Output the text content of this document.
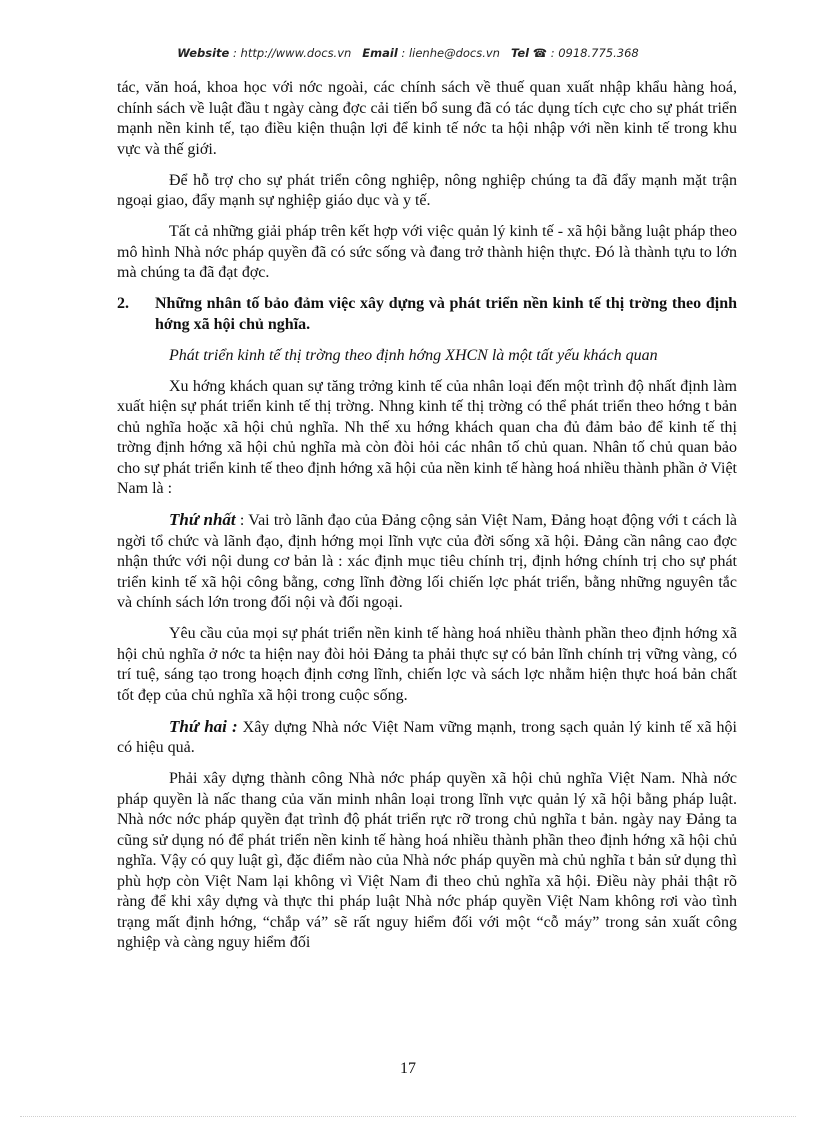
Website : http://www.docs.vn Email : lienhe@docs.vn Tel ☎ : 0918.775.368

tác, văn hoá, khoa học với nớc ngoài, các chính sách về thuế quan xuất nhập khẩu hàng hoá, chính sách về luật đầu t ngày càng đợc cải tiến bổ sung đã có tác dụng tích cực cho sự phát triển mạnh nền kinh tế, tạo điều kiện thuận lợi để kinh tế nớc ta hội nhập với nền kinh tế trong khu vực và thế giới.

Để hỗ trợ cho sự phát triển công nghiệp, nông nghiệp chúng ta đã đẩy mạnh mặt trận ngoại giao, đẩy mạnh sự nghiệp giáo dục và y tế.

Tất cả những giải pháp trên kết hợp với việc quản lý kinh tế - xã hội bằng luật pháp theo mô hình Nhà nớc pháp quyền đã có sức sống và đang trở thành hiện thực. Đó là thành tựu to lớn mà chúng ta đã đạt đợc.

2.	Những nhân tố bảo đảm việc xây dựng và phát triển nền kinh tế thị trờng theo định hớng xã hội chủ nghĩa.

Phát triển kinh tế thị trờng theo định hớng XHCN là một tất yếu khách quan

Xu hớng khách quan sự tăng trởng kinh tế của nhân loại đến một trình độ nhất định làm xuất hiện sự phát triển kinh tế thị trờng. Nhng kinh tế thị trờng có thể phát triển theo hớng t bản chủ nghĩa hoặc xã hội chủ nghĩa. Nh thế xu hớng khách quan cha đủ đảm bảo để kinh tế thị trờng định hớng xã hội chủ nghĩa mà còn đòi hỏi các nhân tố chủ quan. Nhân tố chủ quan bảo cho sự phát triển kinh tế theo định hớng xã hội của nền kinh tế hàng hoá nhiều thành phần ở Việt Nam là :

Thứ nhất : Vai trò lãnh đạo của Đảng cộng sản Việt Nam, Đảng hoạt động với t cách là ngời tổ chức và lãnh đạo, định hớng mọi lĩnh vực của đời sống xã hội. Đảng cần nâng cao đợc nhận thức với nội dung cơ bản là : xác định mục tiêu chính trị, định hớng chính trị cho sự phát triển kinh tế xã hội công bằng, cơng lĩnh đờng lối chiến lợc phát triển, bằng những nguyên tắc và chính sách lớn trong đối nội và đối ngoại.

Yêu cầu của mọi sự phát triển nền kinh tế hàng hoá nhiều thành phần theo định hớng xã hội chủ nghĩa ở nớc ta hiện nay đòi hỏi Đảng ta phải thực sự có bản lĩnh chính trị vững vàng, có trí tuệ, sáng tạo trong hoạch định cơng lĩnh, chiến lợc và sách lợc nhằm hiện thực hoá bản chất tốt đẹp của chủ nghĩa xã hội trong cuộc sống.

Thứ hai : Xây dựng Nhà nớc Việt Nam vững mạnh, trong sạch quản lý kinh tế xã hội có hiệu quả.

Phải xây dựng thành công Nhà nớc pháp quyền xã hội chủ nghĩa Việt Nam. Nhà nớc pháp quyền là nấc thang của văn minh nhân loại trong lĩnh vực quản lý xã hội bằng pháp luật. Nhà nớc nớc pháp quyền đạt trình độ phát triển rực rỡ trong chủ nghĩa t bản. ngày nay Đảng ta cũng sử dụng nó để phát triển nền kinh tế hàng hoá nhiều thành phần theo định hớng xã hội chủ nghĩa. Vậy có quy luật gì, đặc điểm nào của Nhà nớc pháp quyền mà chủ nghĩa t bản sử dụng thì phù hợp còn Việt Nam lại không vì Việt Nam đi theo chủ nghĩa xã hội. Điều này phải thật rõ ràng để khi xây dựng và thực thi pháp luật Nhà nớc pháp quyền Việt Nam không rơi vào tình trạng mất định hớng, “chắp vá” sẽ rất nguy hiểm đối với một “cỗ máy” trong sản xuất công nghiệp và càng nguy hiểm đối

17
